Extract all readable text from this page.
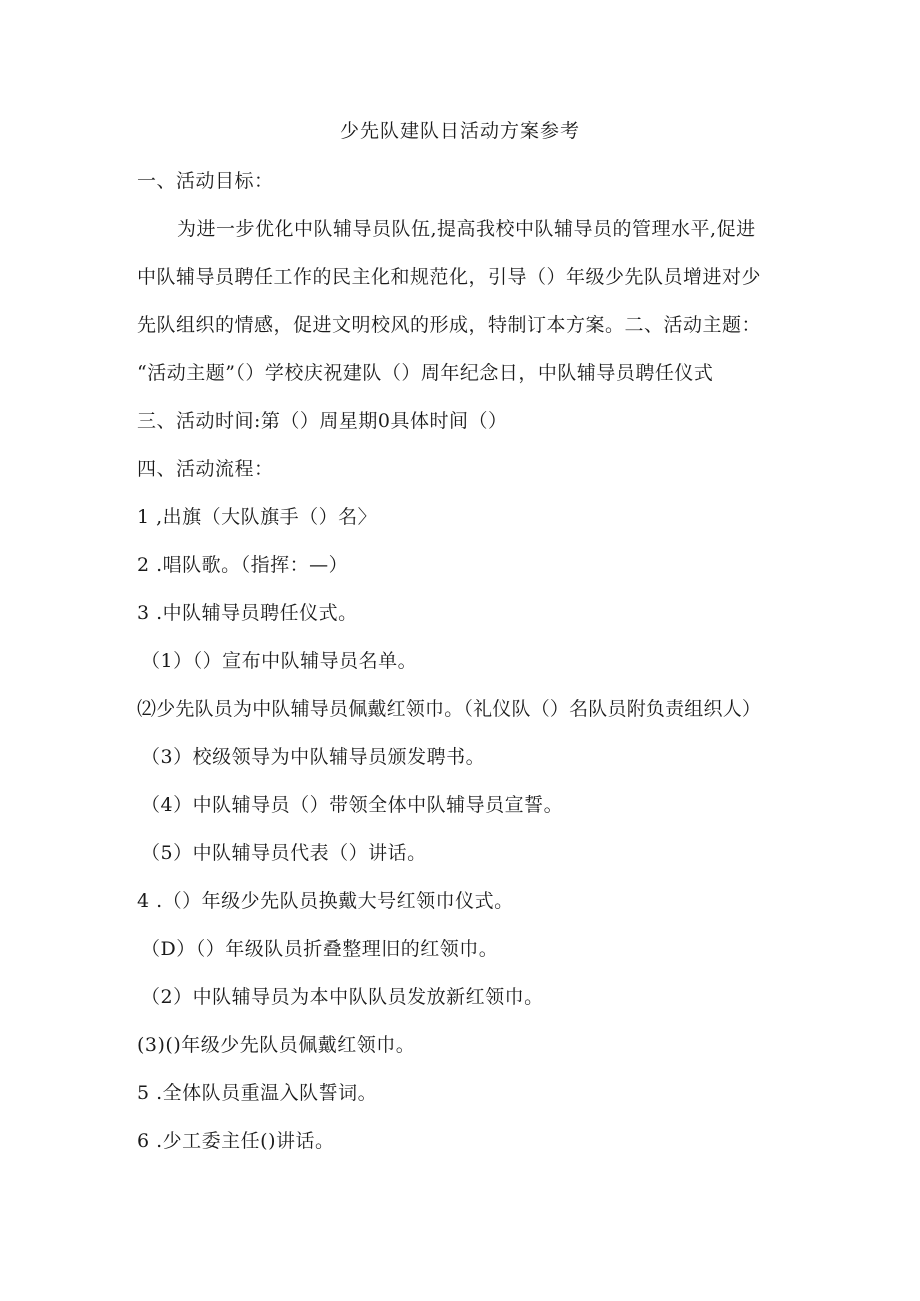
少先队建队日活动方案参考
一、活动目标：
为进一步优化中队辅导员队伍,提高我校中队辅导员的管理水平,促进
中队辅导员聘任工作的民主化和规范化，引导（）年级少先队员增进对少
先队组织的情感，促进文明校风的形成，特制订本方案。二、活动主题：
“活动主题”（）学校庆祝建队（）周年纪念日，中队辅导员聘任仪式
三、活动时间:第（）周星期0具体时间（）
四、活动流程：
1 ,出旗（大队旗手（）名〉
2 .唱队歌。（指挥：—）
3 .中队辅导员聘任仪式。
（1）（）宣布中队辅导员名单。
⑵少先队员为中队辅导员佩戴红领巾。（礼仪队（）名队员附负责组织人）
（3）校级领导为中队辅导员颁发聘书。
（4）中队辅导员（）带领全体中队辅导员宣誓。
（5）中队辅导员代表（）讲话。
4 .（）年级少先队员换戴大号红领巾仪式。
（D）（）年级队员折叠整理旧的红领巾。
（2）中队辅导员为本中队队员发放新红领巾。
(3)()年级少先队员佩戴红领巾。
5 .全体队员重温入队誓词。
6 .少工委主任()讲话。
